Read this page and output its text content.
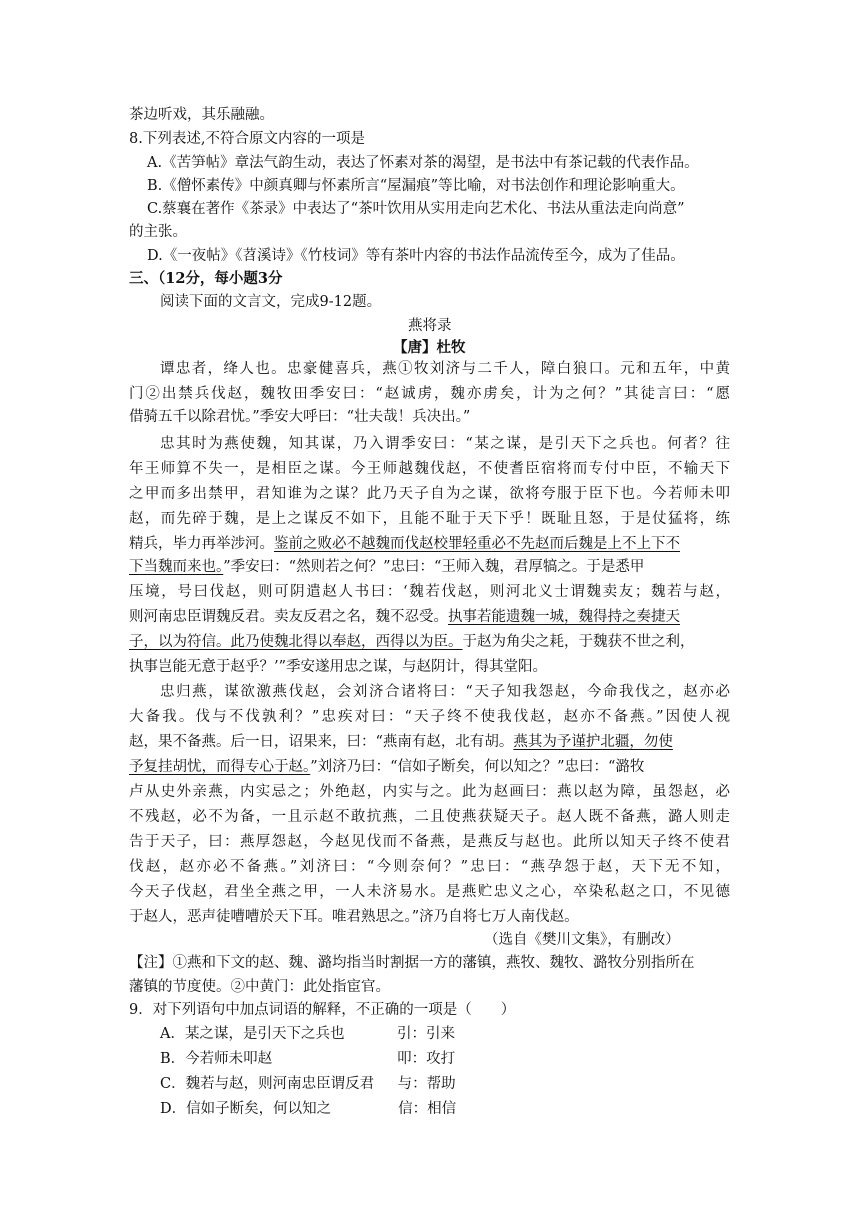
茶边听戏，其乐融融。
8.下列表述,不符合原文内容的一项是
A.《苦笋帖》章法气韵生动，表达了怀素对茶的渴望，是书法中有茶记载的代表作品。
B.《僧怀素传》中颜真卿与怀素所言“屋漏痕”等比喻，对书法创作和理论影响重大。
C.蔡襄在著作《茶录》中表达了“茶叶饮用从实用走向艺术化、书法从重法走向尚意”
的主张。
D.《一夜帖》《苕溪诗》《竹枝词》等有茶叶内容的书法作品流传至今，成为了佳品。
三、（12分，每小题3分
阅读下面的文言文，完成9-12题。
燕将录
【唐】杜牧
谭忠者，绛人也。忠豪健喜兵，燕①牧刘济与二千人，障白狼口。元和五年，中黄
门②出禁兵伐赵，魏牧田季安曰：“赵诚虏，魏亦虏矣，计为之何？”其徒言曰：“愿
借骑五千以除君忧。”季安大呼曰：“壮夫哉！兵决出。”
忠其时为燕使魏，知其谋，乃入谓季安曰：“某之谋，是引天下之兵也。何者？往
年王师算不失一，是相臣之谋。今王师越魏伐赵，不使耆臣宿将而专付中臣，不输天下
之甲而多出禁甲，君知谁为之谋？此乃天子自为之谋，欲将夸服于臣下也。今若师未叩
赵，而先碎于魏，是上之谋反不如下，且能不耻于天下乎！既耻且怒，于是仗猛将，练
精兵，毕力再举涉河。鉴前之败必不越魏而伐赵校罪轻重必不先赵而后魏是上不上下不
下当魏而来也。”季安曰：“然则若之何？”忠曰：“王师入魏，君厚犒之。于是悉甲
压境，号曰伐赵，则可阴遣赵人书曰：‘魏若伐赵，则河北义士谓魏卖友；魏若与赵，
则河南忠臣谓魏反君。卖友反君之名，魏不忍受。执事若能遗魏一城，魏得持之奏捷天
子，以为符信。此乃使魏北得以奉赵，西得以为臣。于赵为角尖之耗，于魏获不世之利，
执事岂能无意于赵乎？’”季安遂用忠之谋，与赵阴计，得其堂阳。
忠归燕，谋欲激燕伐赵，会刘济合诸将曰：“天子知我怨赵，今命我伐之，赵亦必
大备我。伐与不伐孰利？”忠疾对曰：“天子终不使我伐赵，赵亦不备燕。”因使人视
赵，果不备燕。后一日，诏果来，曰：“燕南有赵，北有胡。燕其为予谨护北疆，勿使
予复挂胡忧，而得专心于赵。”刘济乃曰：“信如子断矣，何以知之？”忠曰：“潞牧
卢从史外亲燕，内实忌之；外绝赵，内实与之。此为赵画曰：燕以赵为障，虽怨赵，必
不残赵，必不为备，一且示赵不敢抗燕，二且使燕获疑天子。赵人既不备燕，潞人则走
告于天子，曰：燕厚怨赵，今赵见伐而不备燕，是燕反与赵也。此所以知天子终不使君
伐赵，赵亦必不备燕。”刘济曰：“今则奈何？”忠曰：“燕孕怨于赵，天下无不知，
今天子伐赵，君坐全燕之甲，一人未济易水。是燕贮忠义之心，卒染私赵之口，不见德
于赵人，恶声徒嘈嘈於天下耳。唯君熟思之。”济乃自将七万人南伐赵。
（选自《樊川文集》，有删改）
【注】①燕和下文的赵、魏、潞均指当时割据一方的藩镇，燕牧、魏牧、潞牧分别指所在
藩镇的节度使。②中黄门：此处指宦官。
9．对下列语句中加点词语的解释，不正确的一项是（　　）
A．某之谋，是引天下之兵也	引：引来
B．今若师未叩赵	叩：攻打
C．魏若与赵，则河南忠臣谓反君 与：帮助
D．信如子断矣，何以知之	信：相信
